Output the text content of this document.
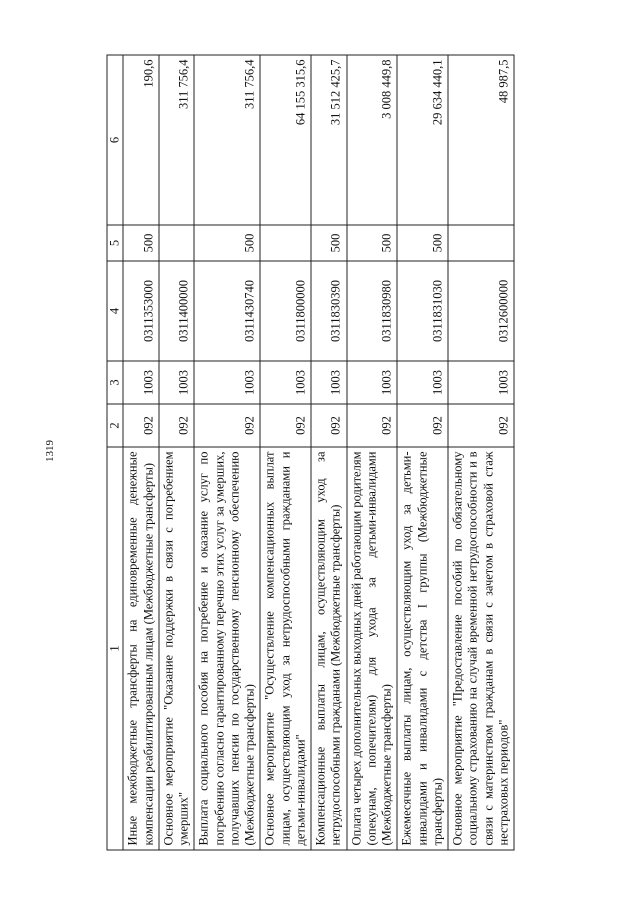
1319
1	2	3	4	5	6
Иные межбюджетные трансферты на единовременные денежные компенсации реабилитированным лицам (Межбюджетные трансферты)	092	1003	0311353000	500	190,6
Основное мероприятие "Оказание поддержки в связи с погребением умерших"	092	1003	0311400000		311 756,4
Выплата социального пособия на погребение и оказание услуг по погребению согласно гарантированному перечню этих услуг за умерших, получавших пенсии по государственному пенсионному обеспечению (Межбюджетные трансферты)	092	1003	0311430740	500	311 756,4
Основное мероприятие "Осуществление компенсационных выплат лицам, осуществляющим уход за нетрудоспособными гражданами и детьми-инвалидами"	092	1003	0311800000		64 155 315,6
Компенсационные выплаты лицам, осуществляющим уход за нетрудоспособными гражданами (Межбюджетные трансферты)	092	1003	0311830390	500	31 512 425,7
Оплата четырех дополнительных выходных дней работающим родителям (опекунам, попечителям) для ухода за детьми-инвалидами (Межбюджетные трансферты)	092	1003	0311830980	500	3 008 449,8
Ежемесячные выплаты лицам, осуществляющим уход за детьми-инвалидами и инвалидами с детства I группы (Межбюджетные трансферты)	092	1003	0311831030	500	29 634 440,1
Основное мероприятие "Предоставление пособий по обязательному социальному страхованию на случай временной нетрудоспособности и в связи с материнством гражданам в связи с зачетом в страховой стаж нестраховых периодов"	092	1003	0312600000		48 987,5
